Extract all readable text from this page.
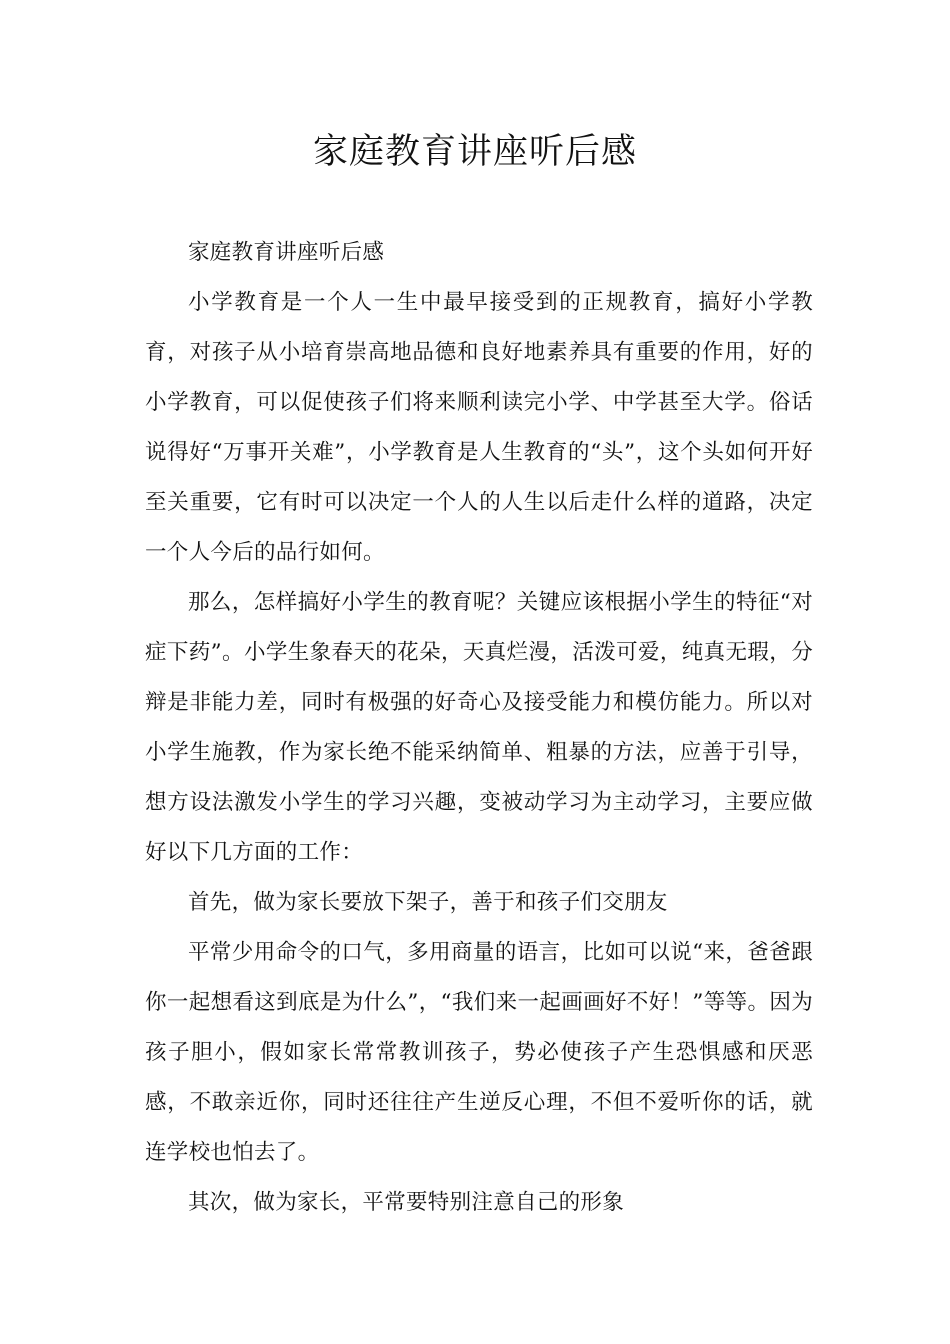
家庭教育讲座听后感

家庭教育讲座听后感

小学教育是一个人一生中最早接受到的正规教育，搞好小学教育，对孩子从小培育崇高地品德和良好地素养具有重要的作用，好的小学教育，可以促使孩子们将来顺利读完小学、中学甚至大学。俗话说得好“万事开关难”，小学教育是人生教育的“头”，这个头如何开好至关重要，它有时可以决定一个人的人生以后走什么样的道路，决定一个人今后的品行如何。

那么，怎样搞好小学生的教育呢？关键应该根据小学生的特征“对症下药”。小学生象春天的花朵，天真烂漫，活泼可爱，纯真无瑕，分辩是非能力差，同时有极强的好奇心及接受能力和模仿能力。所以对小学生施教，作为家长绝不能采纳简单、粗暴的方法，应善于引导，想方设法激发小学生的学习兴趣，变被动学习为主动学习，主要应做好以下几方面的工作：

首先，做为家长要放下架子，善于和孩子们交朋友

平常少用命令的口气，多用商量的语言，比如可以说“来，爸爸跟你一起想看这到底是为什么”，“我们来一起画画好不好！”等等。因为孩子胆小，假如家长常常教训孩子，势必使孩子产生恐惧感和厌恶感，不敢亲近你，同时还往往产生逆反心理，不但不爱听你的话，就连学校也怕去了。

其次，做为家长，平常要特别注意自己的形象
